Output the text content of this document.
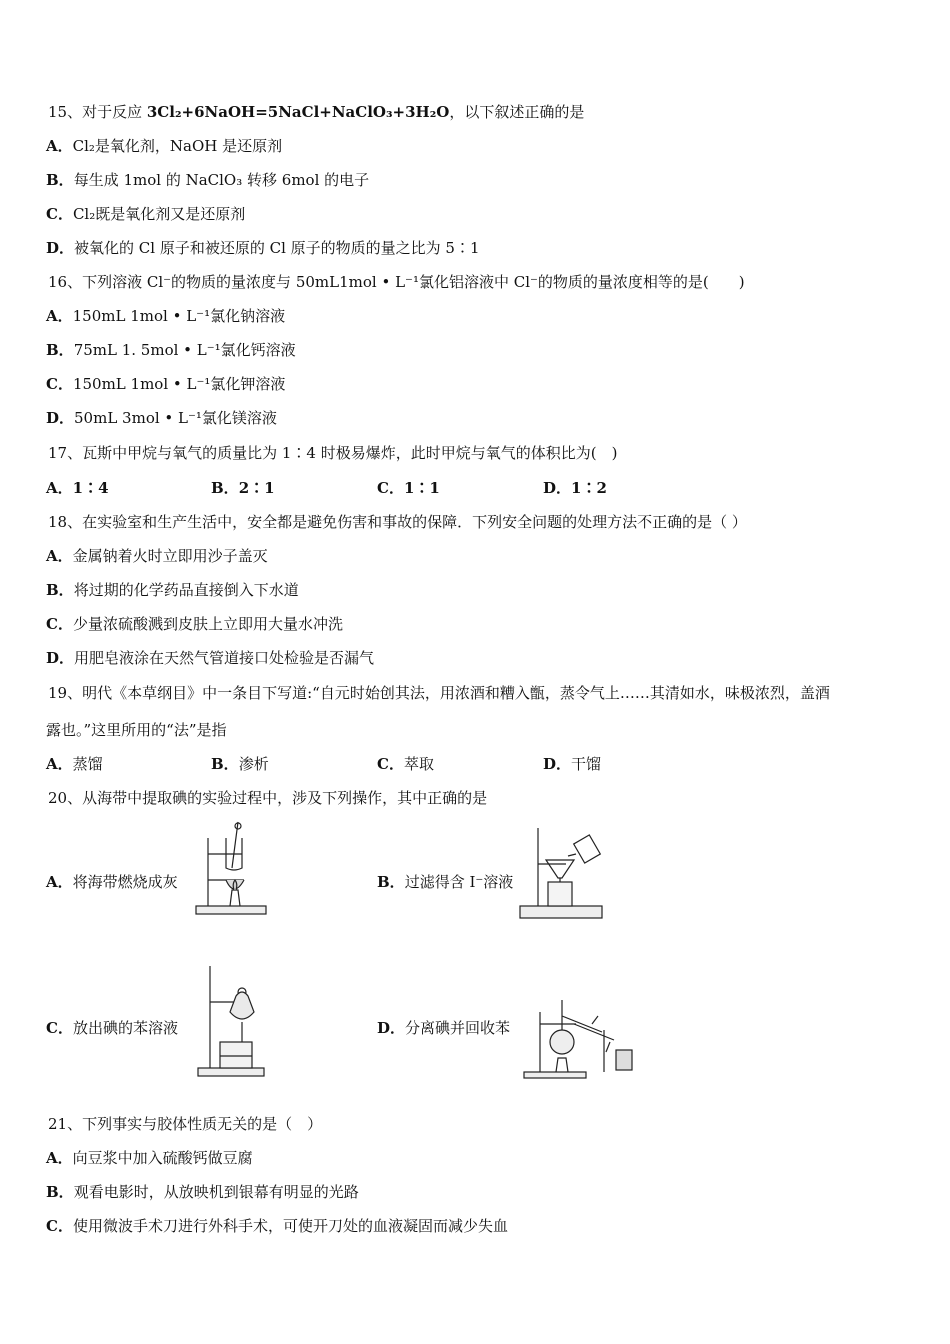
15、对于反应 3Cl₂+6NaOH=5NaCl+NaClO₃+3H₂O，以下叙述正确的是
A．Cl₂是氧化剂，NaOH 是还原剂
B．每生成 1mol 的 NaClO₃ 转移 6mol 的电子
C．Cl₂既是氧化剂又是还原剂
D．被氧化的 Cl 原子和被还原的 Cl 原子的物质的量之比为 5∶1
16、下列溶液 Cl⁻的物质的量浓度与 50mL1mol • L⁻¹氯化铝溶液中 Cl⁻的物质的量浓度相等的是(　　)
A．150mL 1mol • L⁻¹氯化钠溶液
B．75mL 1. 5mol • L⁻¹氯化钙溶液
C．150mL 1mol • L⁻¹氯化钾溶液
D．50mL 3mol • L⁻¹氯化镁溶液
17、瓦斯中甲烷与氧气的质量比为 1∶4 时极易爆炸，此时甲烷与氧气的体积比为(　)
A．1∶4	B．2∶1	C．1∶1	D．1∶2
18、在实验室和生产生活中，安全都是避免伤害和事故的保障．下列安全问题的处理方法不正确的是（ ）
A．金属钠着火时立即用沙子盖灭
B．将过期的化学药品直接倒入下水道
C．少量浓硫酸溅到皮肤上立即用大量水冲洗
D．用肥皂液涂在天然气管道接口处检验是否漏气
19、明代《本草纲目》中一条目下写道:“自元时始创其法，用浓酒和糟入甑，蒸令气上……其清如水，味极浓烈，盖酒
露也。”这里所用的“法”是指
A．蒸馏	B．渗析	C．萃取	D．干馏
20、从海带中提取碘的实验过程中，涉及下列操作，其中正确的是
A．将海带燃烧成灰	B．过滤得含 I⁻溶液
C．放出碘的苯溶液	D．分离碘并回收苯
21、下列事实与胶体性质无关的是（　）
A．向豆浆中加入硫酸钙做豆腐
B．观看电影时，从放映机到银幕有明显的光路
C．使用微波手术刀进行外科手术，可使开刀处的血液凝固而减少失血
